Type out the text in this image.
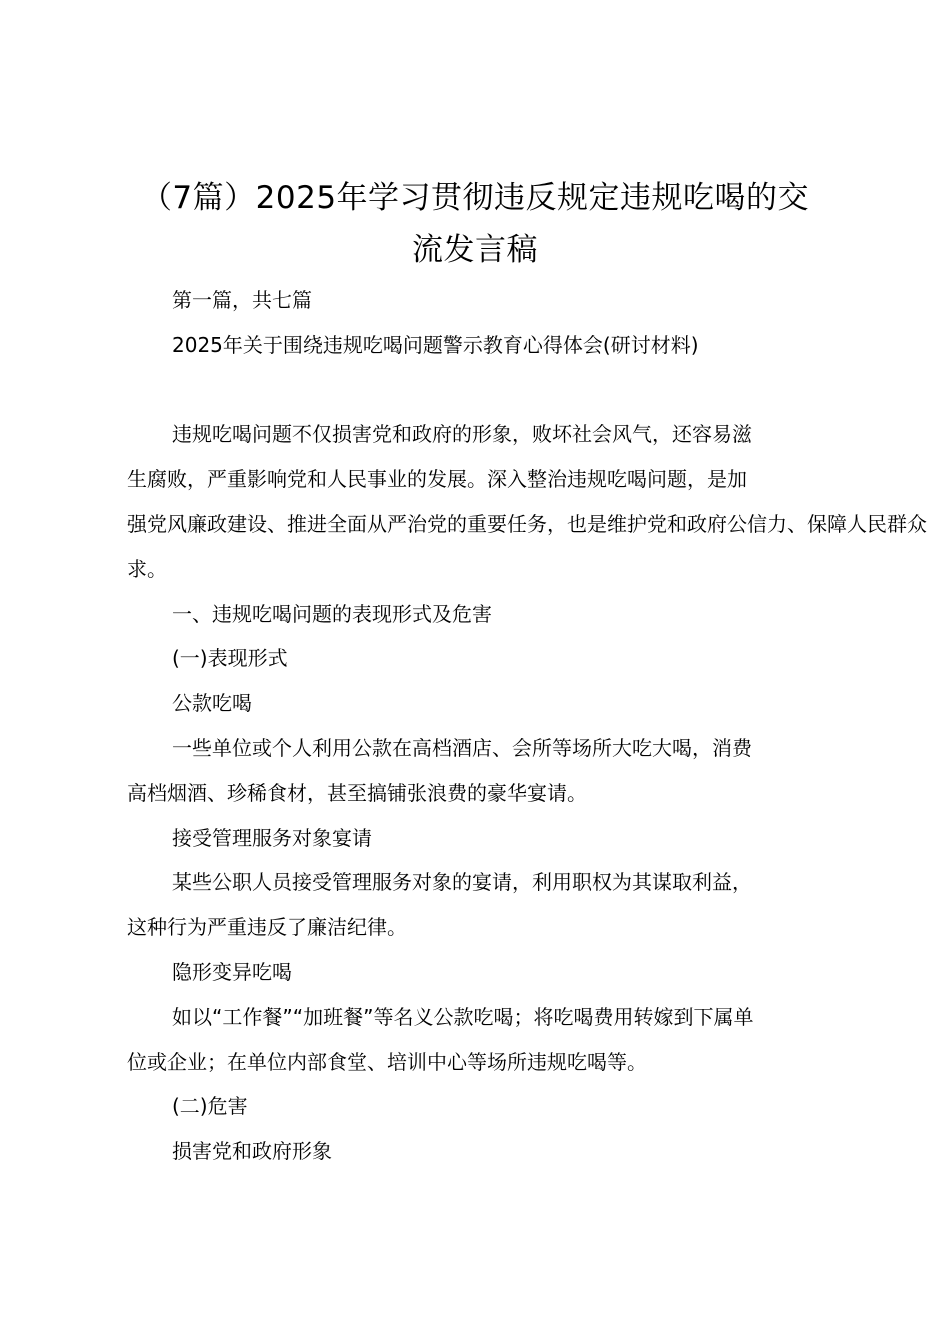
（7篇）2025年学习贯彻违反规定违规吃喝的交
流发言稿

第一篇，共七篇

2025年关于围绕违规吃喝问题警示教育心得体会(研讨材料)

违规吃喝问题不仅损害党和政府的形象，败坏社会风气，还容易滋

生腐败，严重影响党和人民事业的发展。深入整治违规吃喝问题，是加

强党风廉政建设、推进全面从严治党的重要任务，也是维护党和政府公信力、保障人民群众

求。

一、违规吃喝问题的表现形式及危害

(一)表现形式

公款吃喝

一些单位或个人利用公款在高档酒店、会所等场所大吃大喝，消费

高档烟酒、珍稀食材，甚至搞铺张浪费的豪华宴请。

接受管理服务对象宴请

某些公职人员接受管理服务对象的宴请，利用职权为其谋取利益，

这种行为严重违反了廉洁纪律。

隐形变异吃喝

如以“工作餐”“加班餐”等名义公款吃喝；将吃喝费用转嫁到下属单

位或企业；在单位内部食堂、培训中心等场所违规吃喝等。

(二)危害

损害党和政府形象
